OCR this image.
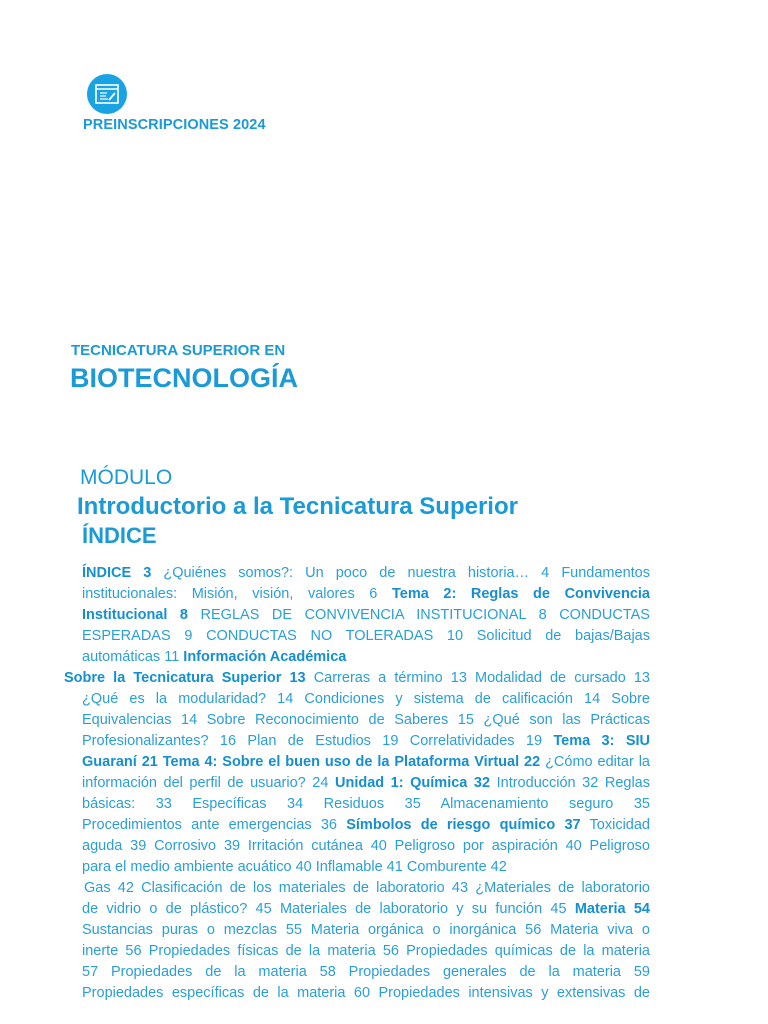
PREINSCRIPCIONES 2024
TECNICATURA SUPERIOR EN
BIOTECNOLOGÍA
MÓDULO
Introductorio a la Tecnicatura Superior
ÍNDICE
ÍNDICE 3 ¿Quiénes somos?: Un poco de nuestra historia… 4 Fundamentos
institucionales: Misión, visión, valores 6 Tema 2: Reglas de Convivencia
Institucional 8 REGLAS DE CONVIVENCIA INSTITUCIONAL 8 CONDUCTAS
ESPERADAS 9 CONDUCTAS NO TOLERADAS 10 Solicitud de bajas/Bajas
automáticas 11 Información Académica
Sobre la Tecnicatura Superior 13 Carreras a término 13 Modalidad de cursado 13
¿Qué es la modularidad? 14 Condiciones y sistema de calificación 14 Sobre
Equivalencias 14 Sobre Reconocimiento de Saberes 15 ¿Qué son las Prácticas
Profesionalizantes? 16 Plan de Estudios 19 Correlatividades 19 Tema 3: SIU
Guaraní 21 Tema 4: Sobre el buen uso de la Plataforma Virtual 22 ¿Cómo editar la
información del perfil de usuario? 24 Unidad 1: Química 32 Introducción 32 Reglas
básicas: 33 Específicas 34 Residuos 35 Almacenamiento seguro 35
Procedimientos ante emergencias 36 Símbolos de riesgo químico 37 Toxicidad
aguda 39 Corrosivo 39 Irritación cutánea 40 Peligroso por aspiración 40 Peligroso
para el medio ambiente acuático 40 Inflamable 41 Comburente 42
Gas 42 Clasificación de los materiales de laboratorio 43 ¿Materiales de laboratorio
de vidrio o de plástico? 45 Materiales de laboratorio y su función 45 Materia 54
Sustancias puras o mezclas 55 Materia orgánica o inorgánica 56 Materia viva o
inerte 56 Propiedades físicas de la materia 56 Propiedades químicas de la materia
57 Propiedades de la materia 58 Propiedades generales de la materia 59
Propiedades específicas de la materia 60 Propiedades intensivas y extensivas de
